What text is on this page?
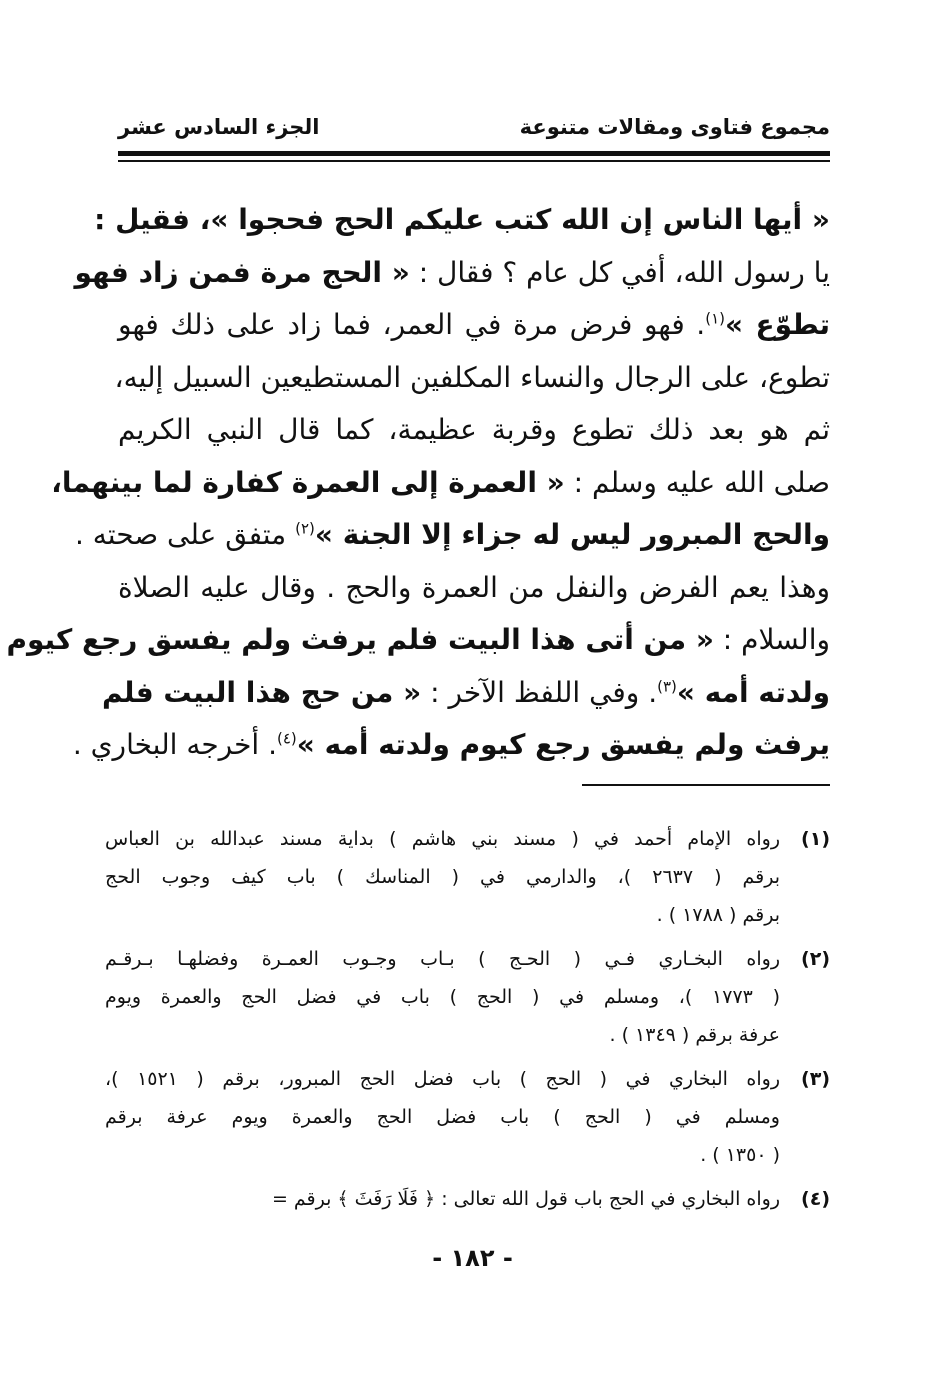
مجموع فتاوى ومقالات متنوعة
الجزء السادس عشر
« أيها الناس إن الله كتب عليكم الحج فحجوا »، فقيل :
يا رسول الله، أفي كل عام ؟ فقال : « الحج مرة فمن زاد فهو
تطوّع »$^{(١)}$. فهو فرض مرة في العمر، فما زاد على ذلك فهو
تطوع، على الرجال والنساء المكلفين المستطيعين السبيل إليه،
ثم هو بعد ذلك تطوع وقربة عظيمة، كما قال النبي الكريم
صلى الله عليه وسلم : « العمرة إلى العمرة كفارة لما بينهما،
والحج المبرور ليس له جزاء إلا الجنة »$^{(٢)}$ متفق على صحته .
وهذا يعم الفرض والنفل من العمرة والحج . وقال عليه الصلاة
والسلام : « من أتى هذا البيت فلم يرفث ولم يفسق رجع كيوم
ولدته أمه »$^{(٣)}$. وفي اللفظ الآخر : « من حج هذا البيت فلم
يرفث ولم يفسق رجع كيوم ولدته أمه »$^{(٤)}$. أخرجه البخاري .
(١)
رواه الإمام أحمد في ( مسند بني هاشم ) بداية مسند عبدالله بن العباس
برقم ( ٢٦٣٧ )، والدارمي في ( المناسك ) باب كيف وجوب الحج
برقم ( ١٧٨٨ ) .
(٢)
رواه البخـاري فـي ( الحـج ) بـاب وجـوب العمـرة وفضلهـا بـرقـم
( ١٧٧٣ )، ومسلم في ( الحج ) باب في فضل الحج والعمرة ويوم
عرفة برقم ( ١٣٤٩ ) .
(٣)
رواه البخاري في ( الحج ) باب فضل الحج المبرور، برقم ( ١٥٢١ )،
ومسلم في ( الحج ) باب فضل الحج والعمرة ويوم عرفة برقم
( ١٣٥٠ ) .
(٤)
رواه البخاري في الحج باب قول الله تعالى : ﴿ فَلَا رَفَثَ ﴾ برقم =
- ١٨٢ -
